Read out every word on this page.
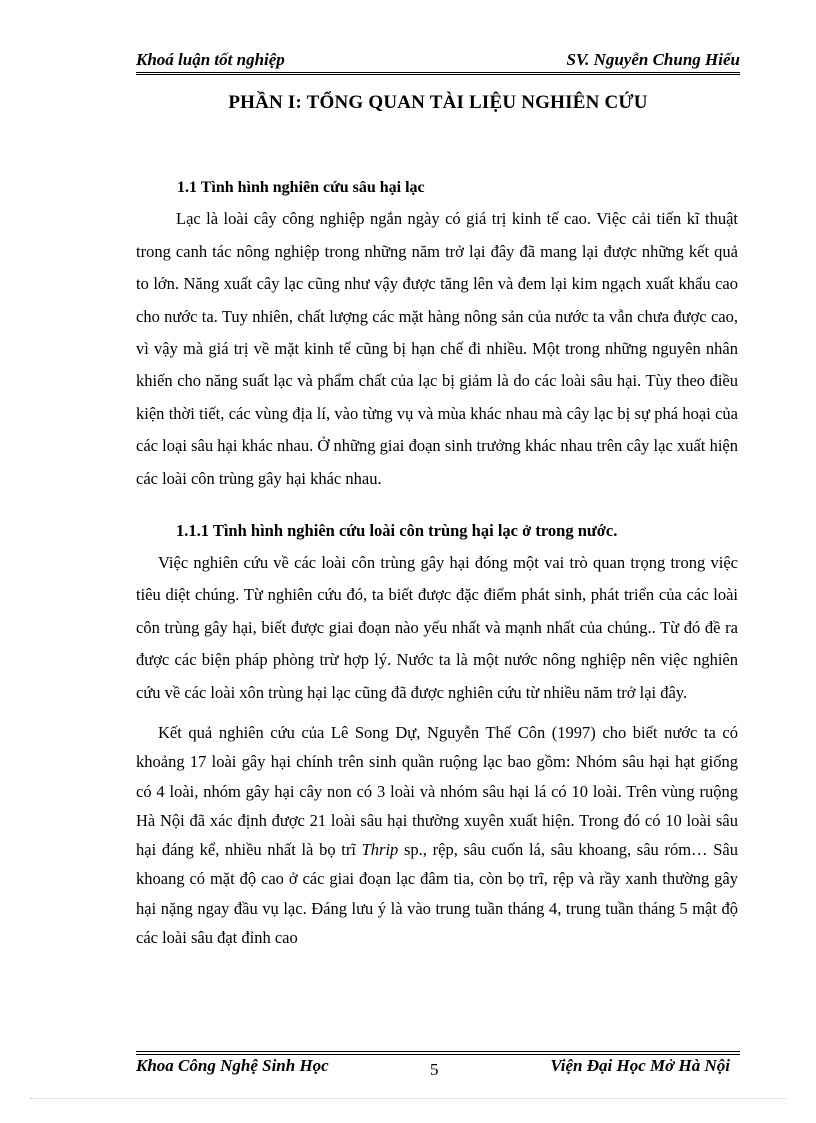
Khoá luận tốt nghiệp	SV. Nguyễn Chung Hiếu
PHẦN I: TỔNG QUAN TÀI LIỆU NGHIÊN CỨU
1.1 Tình hình nghiên cứu sâu hại lạc
Lạc là loài cây công nghiệp ngắn ngày có giá trị kinh tế cao. Việc cải tiến kĩ thuật trong canh tác nông nghiệp trong những năm trở lại đây đã mang lại được những kết quả to lớn. Năng xuất cây lạc cũng như vậy được tăng lên và đem lại kim ngạch xuất khẩu cao cho nước ta. Tuy nhiên, chất lượng các mặt hàng nông sản của nước ta vẫn chưa được cao, vì vậy mà giá trị về mặt kinh tế cũng bị hạn chế đi nhiều. Một trong những nguyên nhân khiến cho năng suất lạc và phẩm chất của lạc bị giảm là do các loài sâu hại. Tùy theo điều kiện thời tiết, các vùng địa lí, vào từng vụ và mùa khác nhau mà cây lạc bị sự phá hoại của các loại sâu hại khác nhau. Ở những giai đoạn sinh trưởng khác nhau trên cây lạc xuất hiện các loài côn trùng gây hại khác nhau.
1.1.1 Tình hình nghiên cứu loài côn trùng hại lạc ở trong nước.
Việc nghiên cứu về các loài côn trùng gây hại đóng một vai trò quan trọng trong việc tiêu diệt chúng. Từ nghiên cứu đó, ta biết được đặc điểm phát sinh, phát triển của các loài côn trùng gây hại, biết được giai đoạn nào yếu nhất và mạnh nhất của chúng.. Từ đó đề ra được các biện pháp phòng trừ hợp lý. Nước ta là một nước nông nghiệp nên việc nghiên cứu về các loài xôn trùng hại lạc cũng đã được nghiên cứu từ nhiều năm trở lại đây.
Kết quả nghiên cứu của Lê Song Dự, Nguyễn Thế Côn (1997) cho biết nước ta có khoảng 17 loài gây hại chính trên sinh quần ruộng lạc bao gồm: Nhóm sâu hại hạt giống có 4 loài, nhóm gây hại cây non có 3 loài và nhóm sâu hại lá có 10 loài. Trên vùng ruộng Hà Nội đã xác định được 21 loài sâu hại thường xuyên xuất hiện. Trong đó có 10 loài sâu hại đáng kể, nhiều nhất là bọ trĩ Thrip sp., rệp, sâu cuốn lá, sâu khoang, sâu róm… Sâu khoang có mặt độ cao ở các giai đoạn lạc đâm tia, còn bọ trĩ, rệp và rầy xanh thường gây hại nặng ngay đầu vụ lạc. Đáng lưu ý là vào trung tuần tháng 4, trung tuần tháng 5 mật độ các loài sâu đạt đỉnh cao
Khoa Công Nghệ Sinh Học	5	Viện Đại Học Mở Hà Nội
